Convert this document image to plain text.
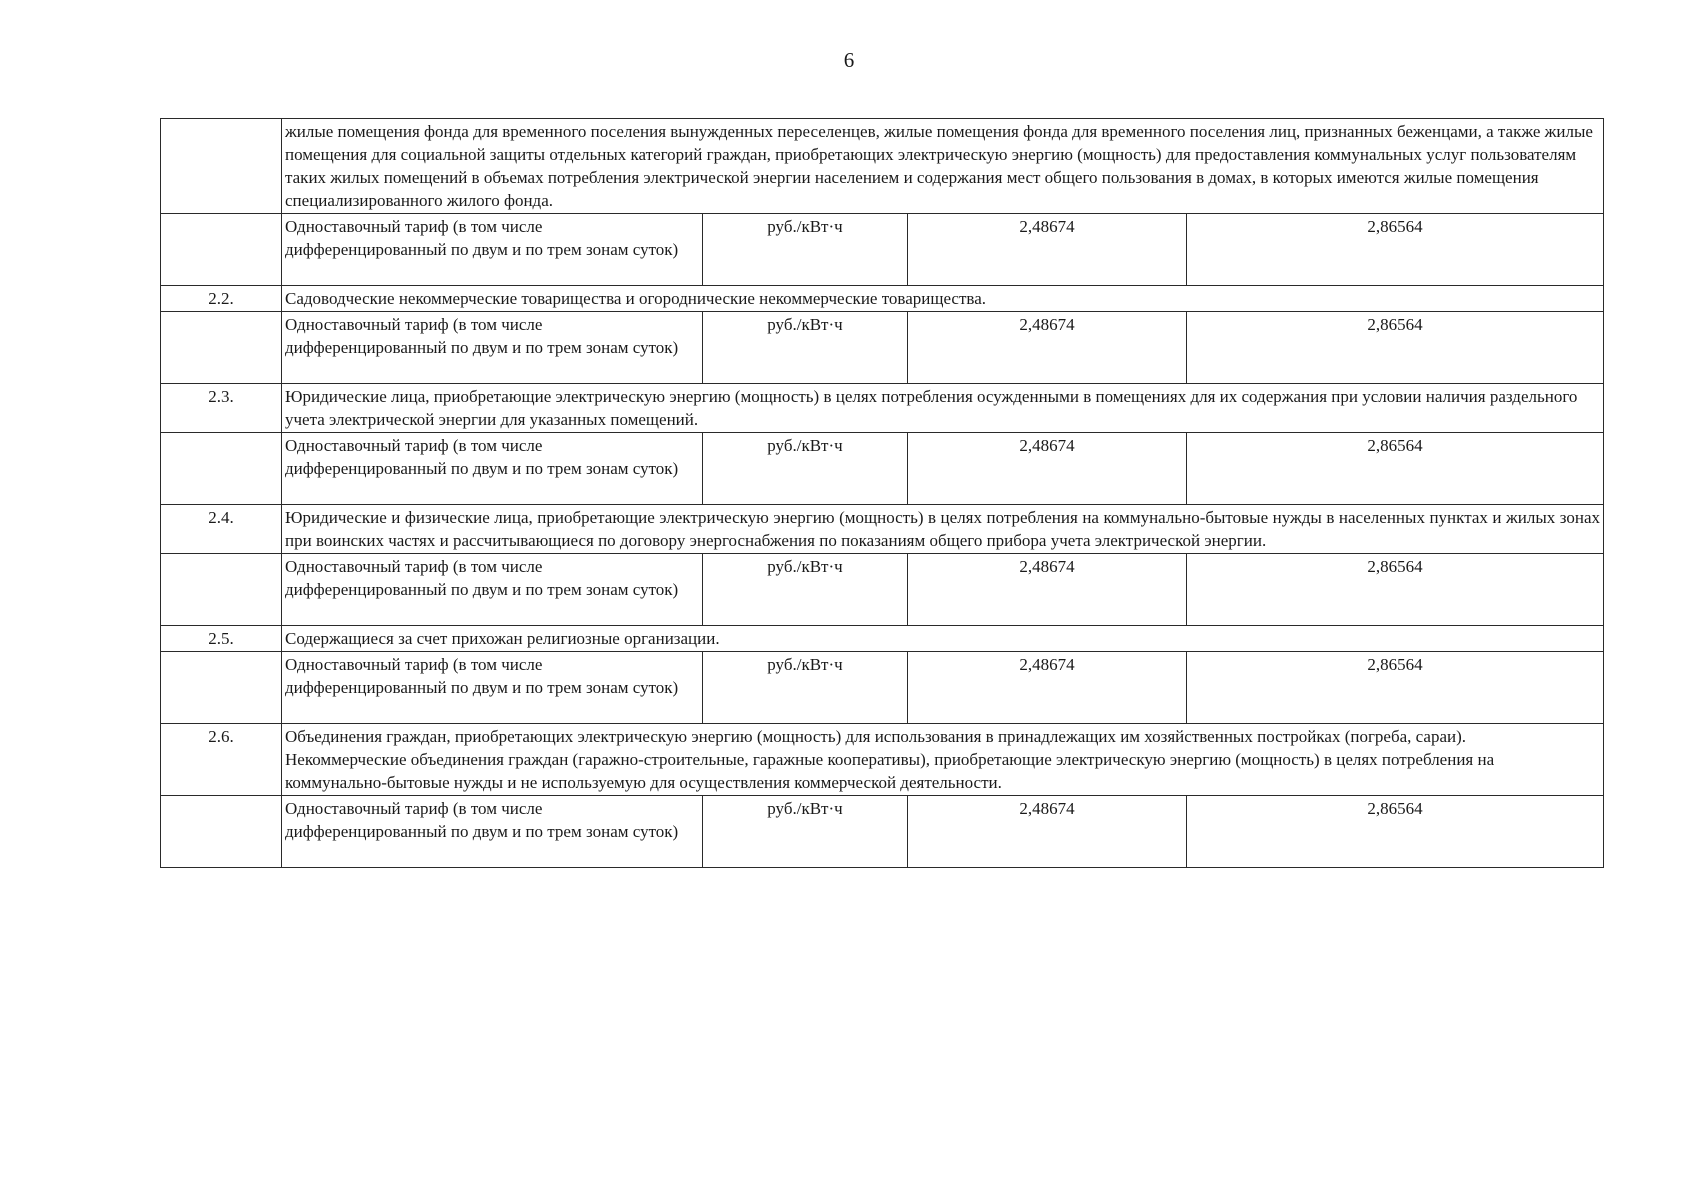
6
	жилые помещения фонда для временного поселения вынужденных переселенцев, жилые помещения фонда для временного поселения лиц, признанных беженцами, а также жилые помещения для социальной защиты отдельных категорий граждан, приобретающих электрическую энергию (мощность) для предоставления коммунальных услуг пользователям таких жилых помещений в объемах потребления электрической энергии населением и содержания мест общего пользования в домах, в которых имеются жилые помещения специализированного жилого фонда.			
	Одноставочный тариф (в том числе дифференцированный по двум и по трем зонам суток)	руб./кВт·ч	2,48674	2,86564
2.2.	Садоводческие некоммерческие товарищества и огороднические некоммерческие товарищества.			
	Одноставочный тариф (в том числе дифференцированный по двум и по трем зонам суток)	руб./кВт·ч	2,48674	2,86564
2.3.	Юридические лица, приобретающие электрическую энергию (мощность) в целях потребления осужденными в помещениях для их содержания при условии наличия раздельного учета электрической энергии для указанных помещений.			
	Одноставочный тариф (в том числе дифференцированный по двум и по трем зонам суток)	руб./кВт·ч	2,48674	2,86564
2.4.	Юридические и физические лица, приобретающие электрическую энергию (мощность) в целях потребления на коммунально-бытовые нужды в населенных пунктах и жилых зонах при воинских частях и рассчитывающиеся по договору энергоснабжения по показаниям общего прибора учета электрической энергии.			
	Одноставочный тариф (в том числе дифференцированный по двум и по трем зонам суток)	руб./кВт·ч	2,48674	2,86564
2.5.	Содержащиеся за счет прихожан религиозные организации.			
	Одноставочный тариф (в том числе дифференцированный по двум и по трем зонам суток)	руб./кВт·ч	2,48674	2,86564
2.6.	Объединения граждан, приобретающих электрическую энергию (мощность) для использования в принадлежащих им хозяйственных постройках (погреба, сараи).
Некоммерческие объединения граждан (гаражно-строительные, гаражные кооперативы), приобретающие электрическую энергию (мощность) в целях потребления на коммунально-бытовые нужды и не используемую для осуществления коммерческой деятельности.			

	Одноставочный тариф (в том числе дифференцированный по двум и по трем зонам суток)	руб./кВт·ч	2,48674	2,86564
